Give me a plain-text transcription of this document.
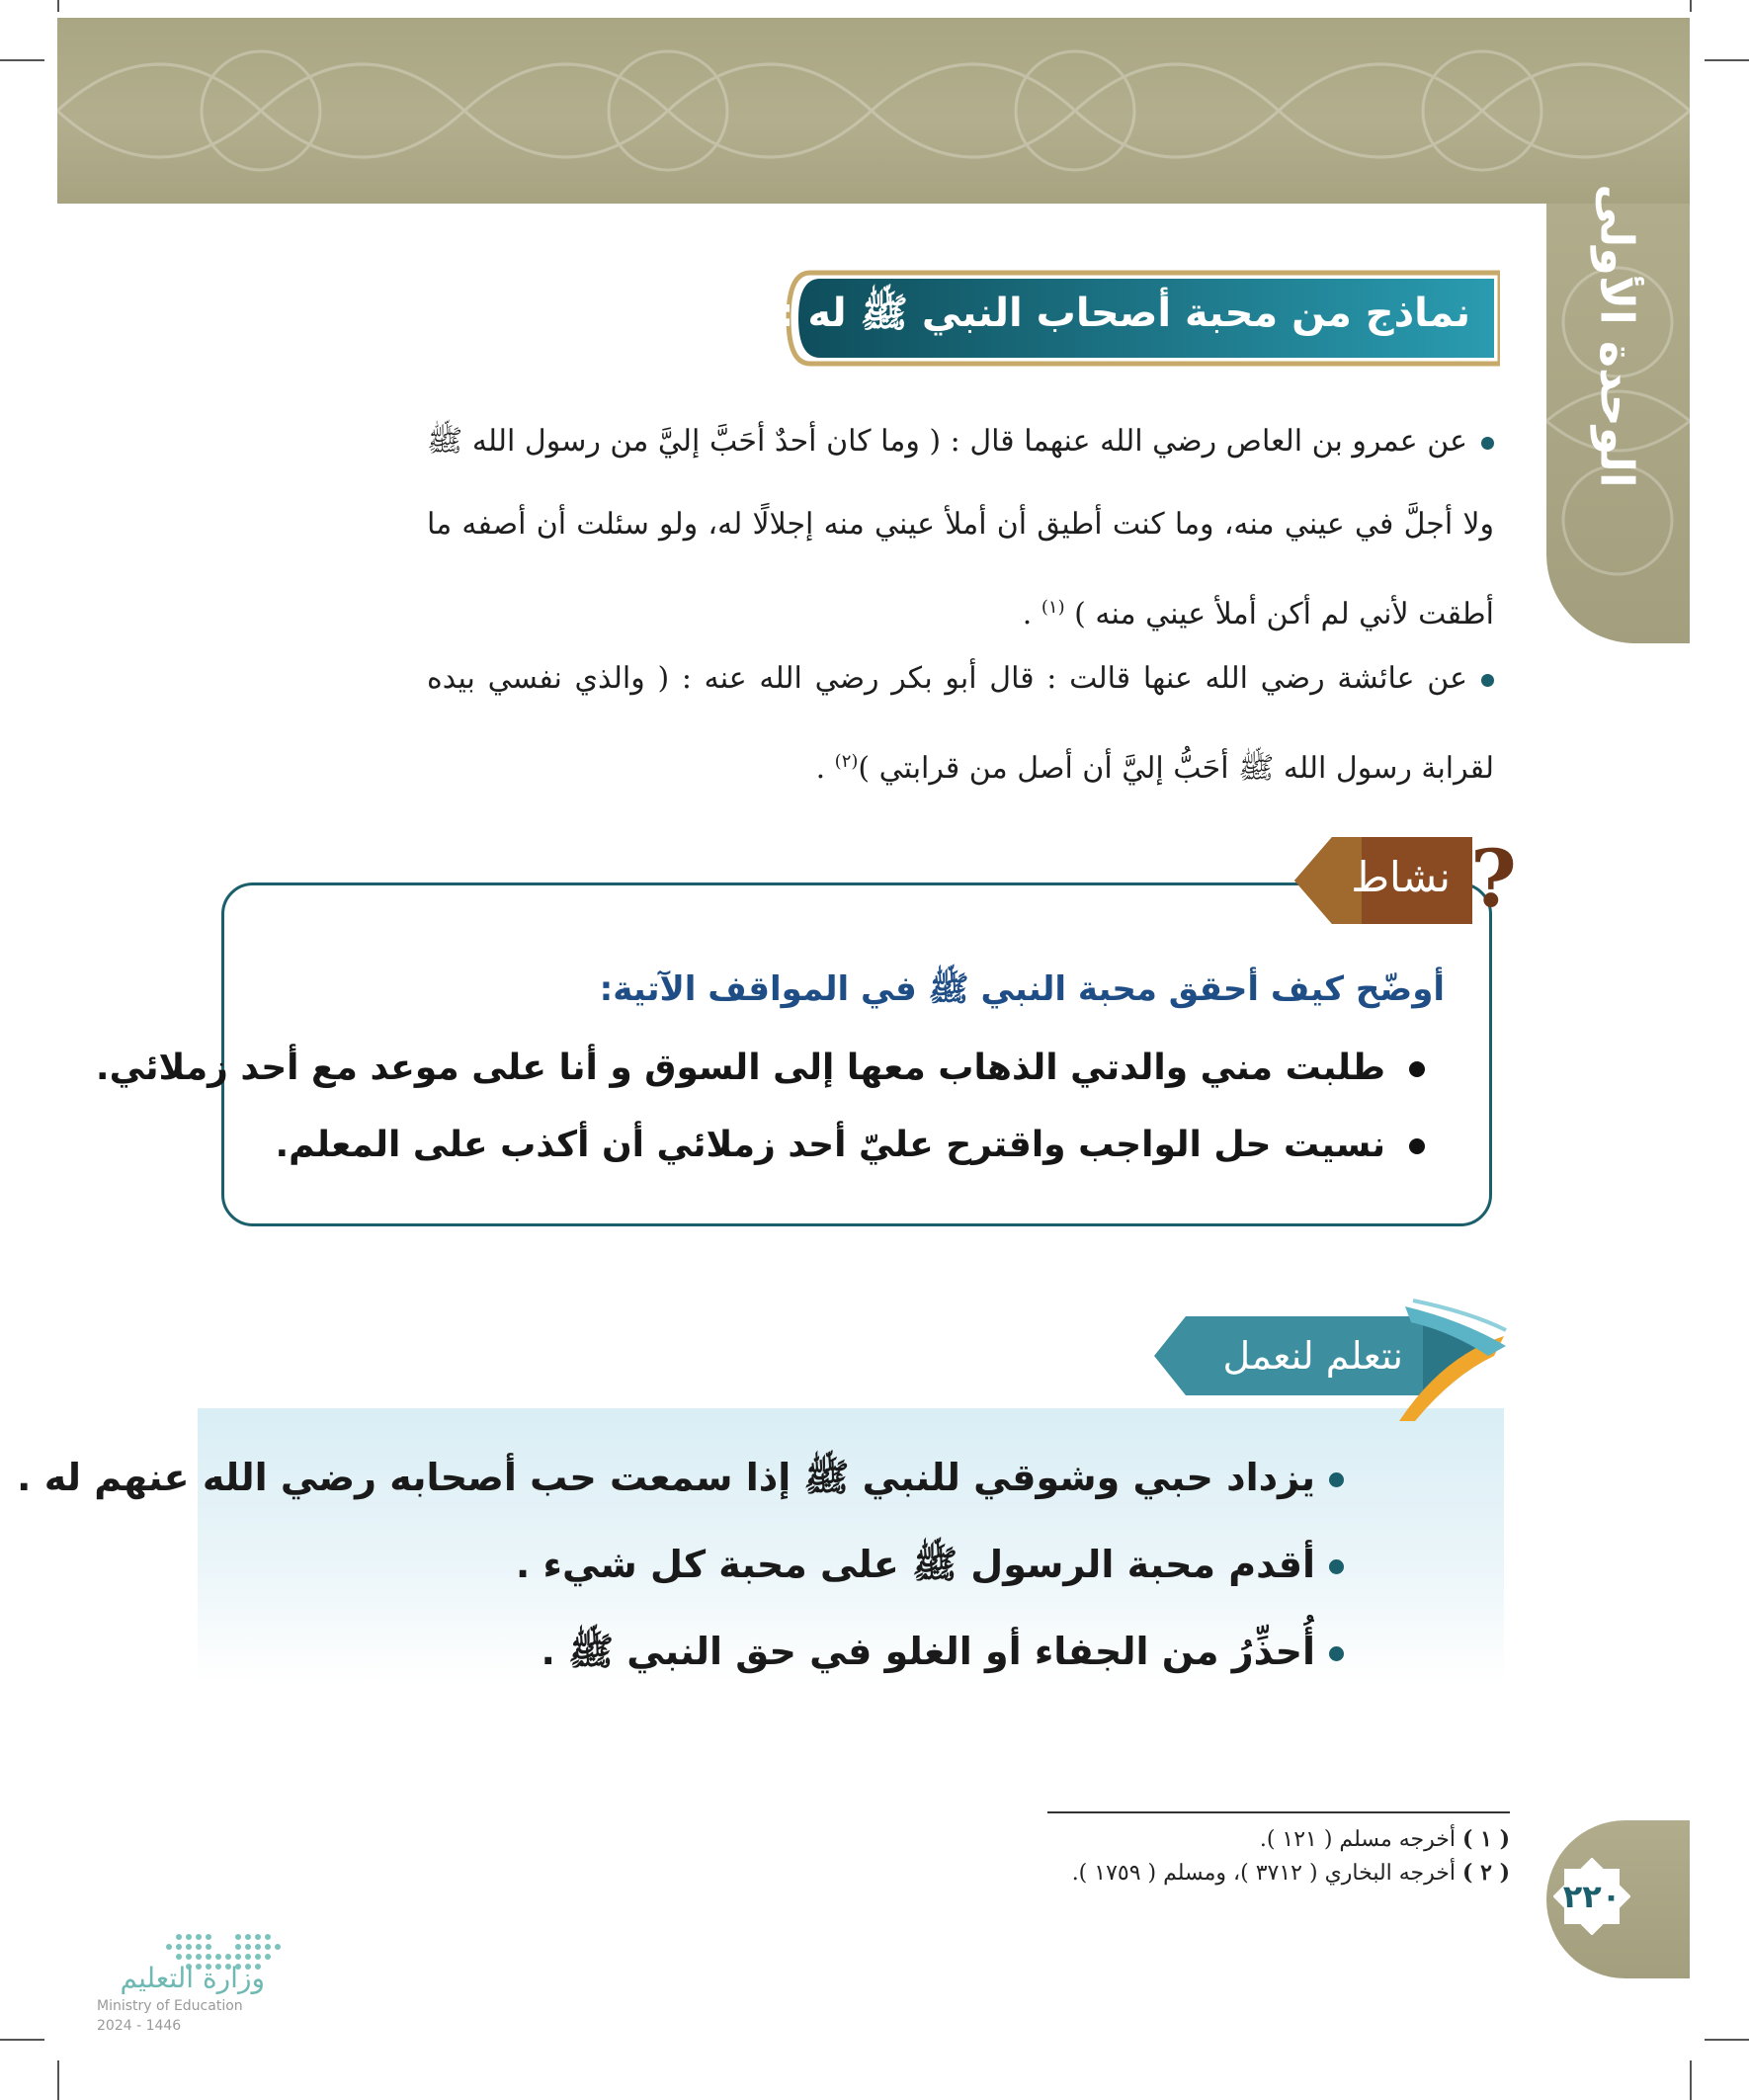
الوحدة الأولى
نماذج من محبة أصحاب النبي ﷺ له :
عن عمرو بن العاص رضي الله عنهما قال : ( وما كان أحدٌ أحَبَّ إليَّ من رسول الله ﷺ ولا أجلَّ في عيني منه، وما كنت أطيق أن أملأ عيني منه إجلالًا له، ولو سئلت أن أصفه ما أطقت لأني لم أكن أملأ عيني منه ) $^{(١)}$ .
عن عائشة رضي الله عنها قالت : قال أبو بكر رضي الله عنه : ( والذي نفسي بيده لقرابة رسول الله ﷺ أحَبُّ إليَّ أن أصل من قرابتي )$^{(٢)}$ .
نشاط ?
أوضّح كيف أحقق محبة النبي ﷺ في المواقف الآتية:
طلبت مني والدتي الذهاب معها إلى السوق و أنا على موعد مع أحد زملائي.
نسيت حل الواجب واقترح عليّ أحد زملائي أن أكذب على المعلم.
نتعلم لنعمل
يزداد حبي وشوقي للنبي ﷺ إذا سمعت حب أصحابه رضي الله عنهم له .
أقدم محبة الرسول ﷺ على محبة كل شيء .
أُحذِّرُ من الجفاء أو الغلو في حق النبي ﷺ .
( ١ ) أخرجه مسلم ( ١٢١ ).
( ٢ ) أخرجه البخاري ( ٣٧١٢ )، ومسلم ( ١٧٥٩ ).
٢٢٠
وزارة التعليم
Ministry of Education
2024 - 1446
